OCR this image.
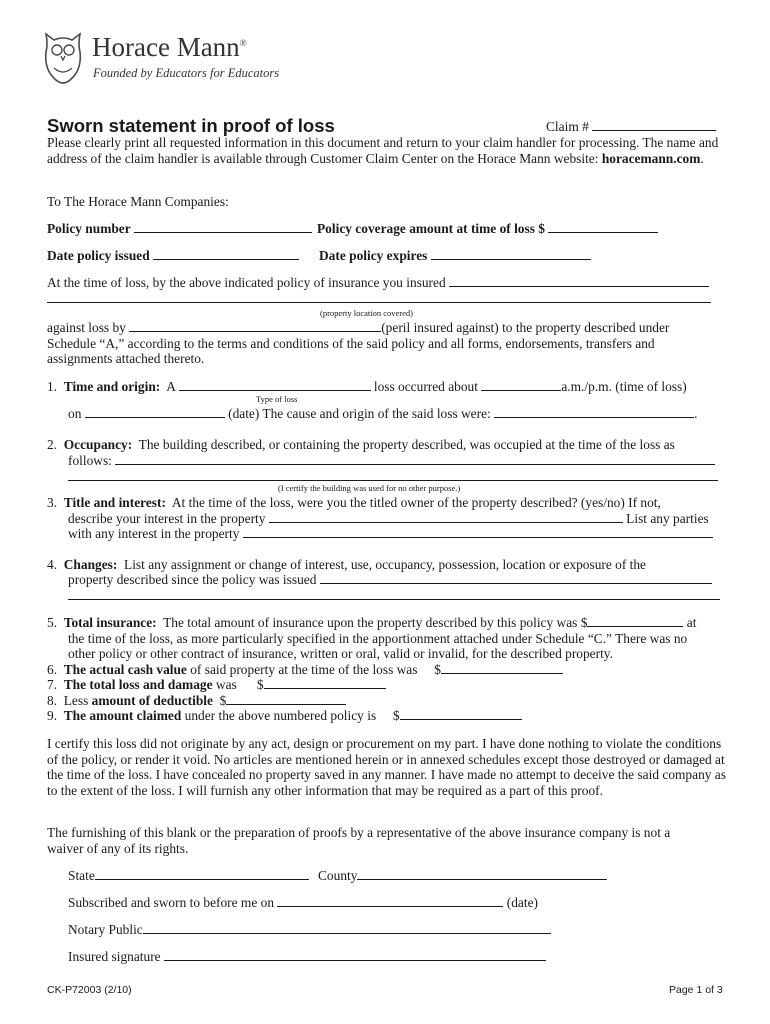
Horace Mann®
Founded by Educators for Educators
Sworn statement in proof of loss	Claim #
Please clearly print all requested information in this document and return to your claim handler for processing. The name and address of the claim handler is available through Customer Claim Center on the Horace Mann website: horacemann.com.
To The Horace Mann Companies:
Policy number	Policy coverage amount at time of loss $
Date policy issued	Date policy expires
At the time of loss, by the above indicated policy of insurance you insured
(property location covered)
against loss by	(peril insured against) to the property described under
Schedule “A,” according to the terms and conditions of the said policy and all forms, endorsements, transfers and
assignments attached thereto.
1. Time and origin: A	loss occurred about	a.m./p.m. (time of loss)
Type of loss
on	(date) The cause and origin of the said loss were:	.
2. Occupancy: The building described, or containing the property described, was occupied at the time of the loss as
follows:
(I certify the building was used for no other purpose.)
3. Title and interest: At the time of the loss, were you the titled owner of the property described? (yes/no) If not,
describe your interest in the property	List any parties
with any interest in the property
4. Changes: List any assignment or change of interest, use, occupancy, possession, location or exposure of the
property described since the policy was issued
5. Total insurance: The total amount of insurance upon the property described by this policy was $	at
the time of the loss, as more particularly specified in the apportionment attached under Schedule “C.” There was no
other policy or other contract of insurance, written or oral, valid or invalid, for the described property.
6. The actual cash value of said property at the time of the loss was $
7. The total loss and damage was $
8. Less amount of deductible $
9. The amount claimed under the above numbered policy is $
I certify this loss did not originate by any act, design or procurement on my part. I have done nothing to violate the conditions of the policy, or render it void. No articles are mentioned herein or in annexed schedules except those destroyed or damaged at the time of the loss. I have concealed no property saved in any manner. I have made no attempt to deceive the said company as to the extent of the loss. I will furnish any other information that may be required as a part of this proof.
The furnishing of this blank or the preparation of proofs by a representative of the above insurance company is not a waiver of any of its rights.
State	County
Subscribed and sworn to before me on	(date)
Notary Public
Insured signature
CK-P72003 (2/10)	Page 1 of 3
